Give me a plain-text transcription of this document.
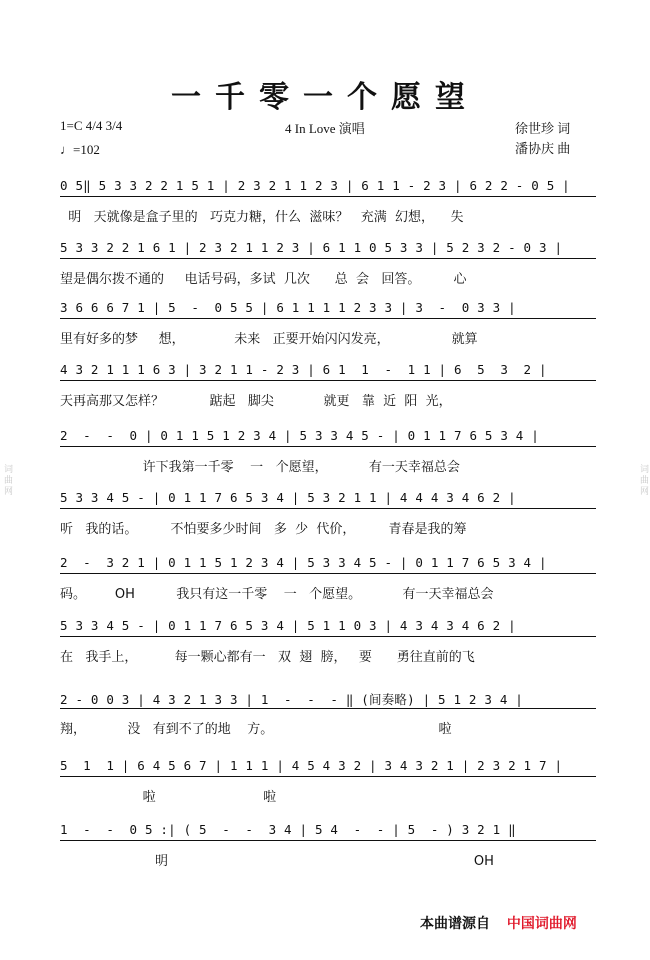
词曲网	词曲网
一千零一个愿望
1=C 4/4 3/4
♩=102
4 In Love 演唱	徐世珍 词
潘协庆 曲
0 5‖ 5 3 3 2 2 1 5 1 | 2 3 2 1 1 2 3 | 6 1 1 - 2 3 | 6 2 2 - 0 5 |
明   天就像是盒子里的   巧克力糖，什么  滋味？   充满  幻想，    失
5 3 3 2 2 1 6 1 | 2 3 2 1 1 2 3 | 6 1 1 0 5 3 3 | 5 2 3 2 - 0 3 |
望是偶尔拨不通的     电话号码，多试  几次      总  会   回答。        心
3 6 6 6 7 1 | 5  -  0 5 5 | 6 1 1 1 1 2 3 3 | 3  -  0 3 3 |
里有好多的梦     想，            未来   正要开始闪闪发亮，               就算
4 3 2 1 1 1 6 3 | 3 2 1 1 - 2 3 | 6 1  1  -  1 1 | 6  5  3  2 |
天再高那又怎样？           踮起   脚尖            就更   靠  近  阳  光，
2  -  -  0 | 0 1 1 5 1 2 3 4 | 5 3 3 4 5 - | 0 1 1 7 6 5 3 4 |
许下我第一千零    一   个愿望，          有一天幸福总会
5 3 3 4 5 - | 0 1 1 7 6 5 3 4 | 5 3 2 1 1 | 4 4 4 3 4 6 2 |
听   我的话。        不怕要多少时间   多  少  代价，        青春是我的筹
2  -  3 2 1 | 0 1 1 5 1 2 3 4 | 5 3 3 4 5 - | 0 1 1 7 6 5 3 4 |
码。       OH          我只有这一千零    一   个愿望。          有一天幸福总会
5 3 3 4 5 - | 0 1 1 7 6 5 3 4 | 5 1 1 0 3 | 4 3 4 3 4 6 2 |
在   我手上，         每一颗心都有一   双  翅  膀，   要      勇往直前的飞
2 - 0 0 3 | 4 3 2 1 3 3 | 1  -  -  - ‖ (间奏略) | 5 1 2 3 4 |
翔，          没   有到不了的地    方。                                        啦
5  1  1 | 6 4 5 6 7 | 1 1 1 | 4 5 4 3 2 | 3 4 3 2 1 | 2 3 2 1 7 |
啦                          啦
1  -  -  0 5 :| ( 5  -  -  3 4 | 5 4  -  - | 5  - ) 3 2 1 ‖
明                                                                          OH
本曲谱源自 中国词曲网
